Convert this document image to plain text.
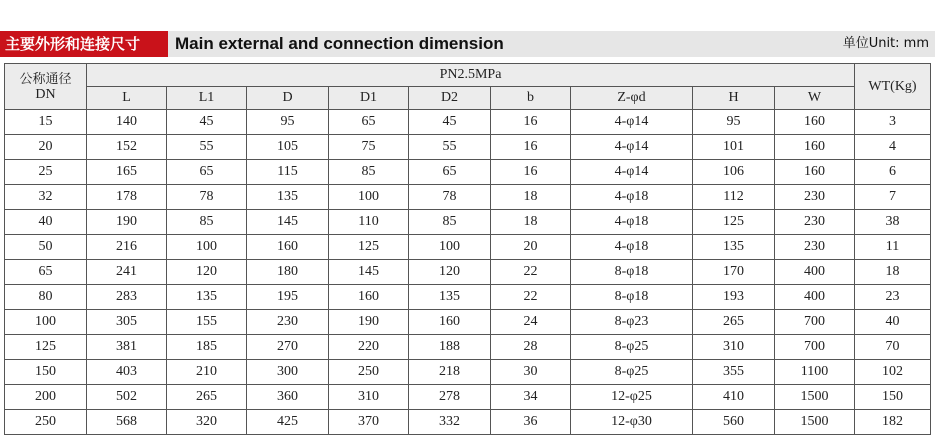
主要外形和连接尺寸	Main external and connection dimension	单位Unit: mm
公称通径
DN	PN2.5MPa									WT(Kg)
	L	L1	D	D1	D2	b	Z-φd	H	W	
15	140	45	95	65	45	16	4-φ14	95	160	3
20	152	55	105	75	55	16	4-φ14	101	160	4
25	165	65	115	85	65	16	4-φ14	106	160	6
32	178	78	135	100	78	18	4-φ18	112	230	7
40	190	85	145	110	85	18	4-φ18	125	230	38
50	216	100	160	125	100	20	4-φ18	135	230	11
65	241	120	180	145	120	22	8-φ18	170	400	18
80	283	135	195	160	135	22	8-φ18	193	400	23
100	305	155	230	190	160	24	8-φ23	265	700	40
125	381	185	270	220	188	28	8-φ25	310	700	70
150	403	210	300	250	218	30	8-φ25	355	1100	102
200	502	265	360	310	278	34	12-φ25	410	1500	150
250	568	320	425	370	332	36	12-φ30	560	1500	182
